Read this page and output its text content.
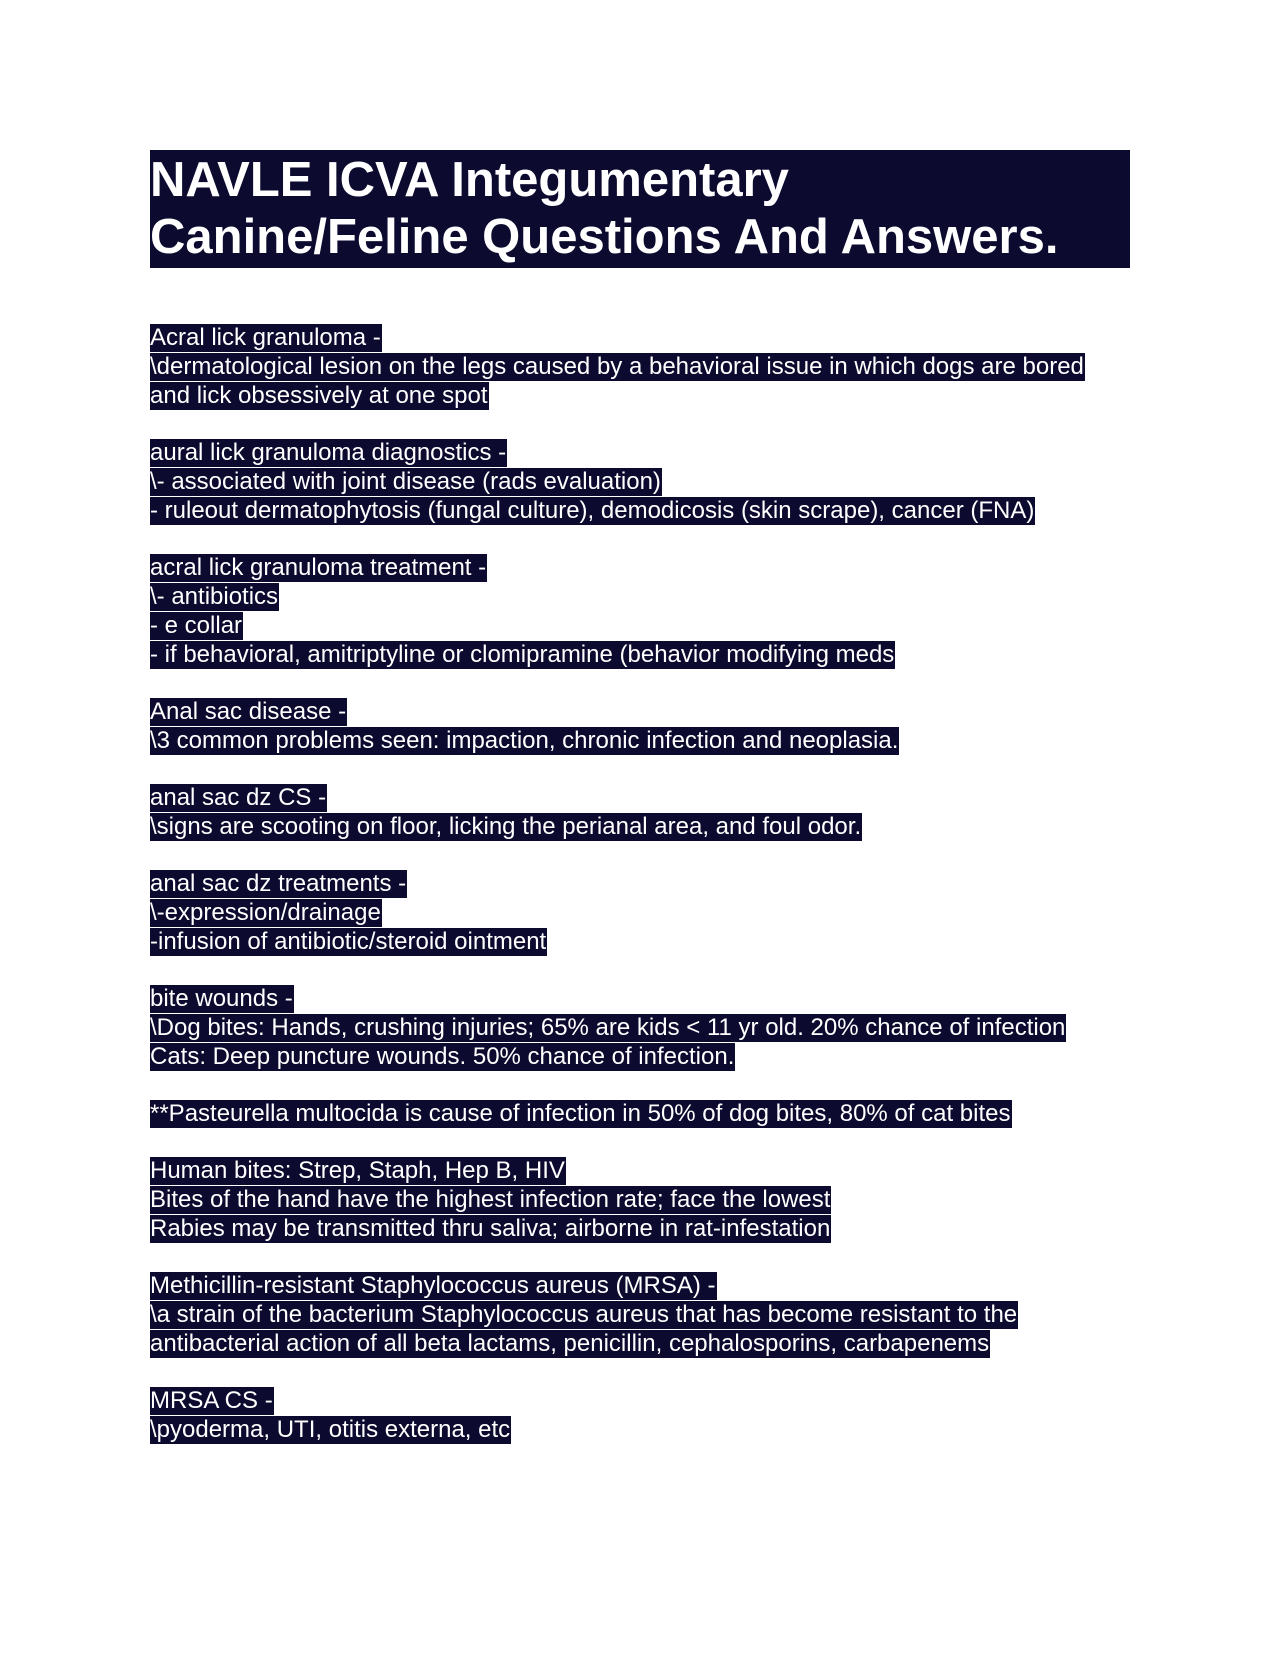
NAVLE ICVA Integumentary
Canine/Feline Questions And Answers.
Acral lick granuloma -
\dermatological lesion on the legs caused by a behavioral issue in which dogs are bored
and lick obsessively at one spot
aural lick granuloma diagnostics -
\- associated with joint disease (rads evaluation)
- ruleout dermatophytosis (fungal culture), demodicosis (skin scrape), cancer (FNA)
acral lick granuloma treatment -
\- antibiotics
- e collar
- if behavioral, amitriptyline or clomipramine (behavior modifying meds
Anal sac disease -
\3 common problems seen: impaction, chronic infection and neoplasia.
anal sac dz CS -
\signs are scooting on floor, licking the perianal area, and foul odor.
anal sac dz treatments -
\-expression/drainage
-infusion of antibiotic/steroid ointment
bite wounds -
\Dog bites: Hands, crushing injuries; 65% are kids < 11 yr old. 20% chance of infection
Cats: Deep puncture wounds. 50% chance of infection.
**Pasteurella multocida is cause of infection in 50% of dog bites, 80% of cat bites
Human bites: Strep, Staph, Hep B, HIV
Bites of the hand have the highest infection rate; face the lowest
Rabies may be transmitted thru saliva; airborne in rat-infestation
Methicillin-resistant Staphylococcus aureus (MRSA) -
\a strain of the bacterium Staphylococcus aureus that has become resistant to the
antibacterial action of all beta lactams, penicillin, cephalosporins, carbapenems
MRSA CS -
\pyoderma, UTI, otitis externa, etc
